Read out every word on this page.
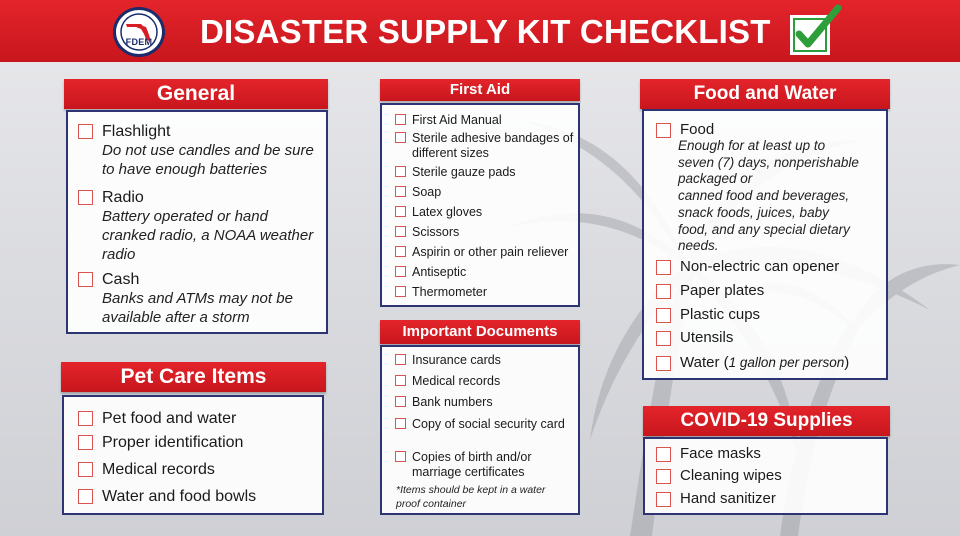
FDEM DISASTER SUPPLY KIT CHECKLIST
General
Flashlight
Do not use candles and be sure to have enough batteries
Radio
Battery operated or hand cranked radio, a NOAA weather radio
Cash
Banks and ATMs may not be available after a storm
Pet Care Items
Pet food and water
Proper identification
Medical records
Water and food bowls
First Aid
First Aid Manual
Sterile adhesive bandages of different sizes
Sterile gauze pads
Soap
Latex gloves
Scissors
Aspirin or other pain reliever
Antiseptic
Thermometer
Important Documents
Insurance cards
Medical records
Bank numbers
Copy of social security card
Copies of birth and/or marriage certificates
*Items should be kept in a water proof container
Food and Water
Food
Enough for at least up to
seven (7) days, nonperishable
packaged or
canned food and beverages,
snack foods, juices, baby
food, and any special dietary
needs.
Non-electric can opener
Paper plates
Plastic cups
Utensils
Water (1 gallon per person)
COVID-19 Supplies
Face masks
Cleaning wipes
Hand sanitizer
